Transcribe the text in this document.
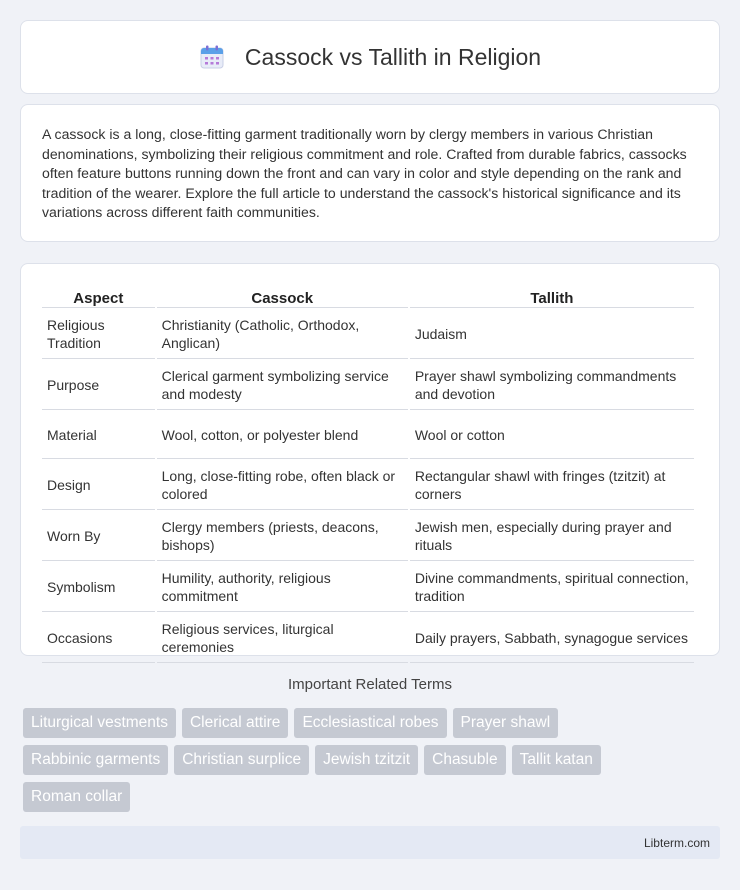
Cassock vs Tallith in Religion

A cassock is a long, close-fitting garment traditionally worn by clergy members in various Christian denominations, symbolizing their religious commitment and role. Crafted from durable fabrics, cassocks often feature buttons running down the front and can vary in color and style depending on the rank and tradition of the wearer. Explore the full article to understand the cassock's historical significance and its variations across different faith communities.

Aspect	Cassock	Tallith
Religious Tradition	Christianity (Catholic, Orthodox, Anglican)	Judaism
Purpose	Clerical garment symbolizing service and modesty	Prayer shawl symbolizing commandments and devotion
Material	Wool, cotton, or polyester blend	Wool or cotton
Design	Long, close-fitting robe, often black or colored	Rectangular shawl with fringes (tzitzit) at corners
Worn By	Clergy members (priests, deacons, bishops)	Jewish men, especially during prayer and rituals
Symbolism	Humility, authority, religious commitment	Divine commandments, spiritual connection, tradition
Occasions	Religious services, liturgical ceremonies	Daily prayers, Sabbath, synagogue services
Important Related Terms
Liturgical vestments	Clerical attire	Ecclesiastical robes	Prayer shawl
Rabbinic garments	Christian surplice	Jewish tzitzit	Chasuble	Tallit katan
Roman collar
Libterm.com
